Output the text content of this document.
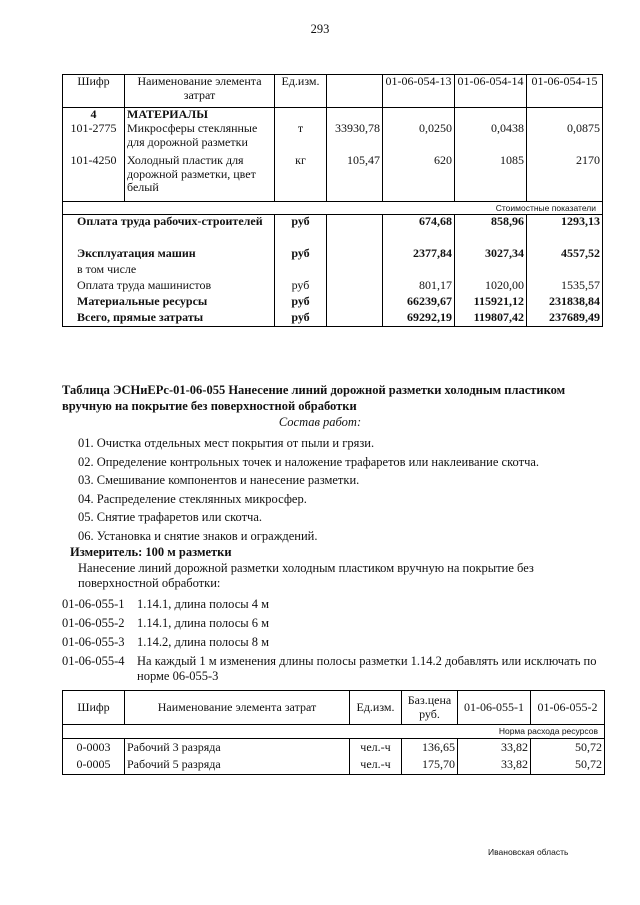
293
Шифр	Наименование элемента затрат	Ед.изм.		01-06-054-13	01-06-054-14	01-06-054-15
4	МАТЕРИАЛЫ					
101-2775	Микросферы стеклянные для дорожной разметки	т	33930,78	0,0250	0,0438	0,0875
101-4250	Холодный пластик для дорожной разметки, цвет белый	кг	105,47	620	1085	2170
Стоимостные показатели						
Оплата труда рабочих-строителей		руб		674,68	858,96	1293,13
Эксплуатация машин		руб		2377,84	3027,34	4557,52
в том числе						
Оплата труда машинистов		руб		801,17	1020,00	1535,57
Материальные ресурсы		руб		66239,67	115921,12	231838,84
Всего, прямые затраты		руб		69292,19	119807,42	237689,49
Таблица ЭСНиЕРс-01-06-055 Нанесение линий дорожной разметки холодным пластиком вручную на покрытие без поверхностной обработки
Состав работ:
01. Очистка отдельных мест покрытия от пыли и грязи.
02. Определение контрольных точек и наложение трафаретов или наклеивание скотча.
03. Смешивание компонентов и нанесение разметки.
04. Распределение стеклянных микросфер.
05. Снятие трафаретов или скотча.
06. Установка и снятие знаков и ограждений.
Измеритель: 100 м разметки
Нанесение линий дорожной разметки холодным пластиком вручную на покрытие без поверхностной обработки:
01-06-055-1	1.14.1, длина полосы 4 м
01-06-055-2	1.14.1, длина полосы 6 м
01-06-055-3	1.14.2, длина полосы 8 м
01-06-055-4	На каждый 1 м изменения длины полосы разметки 1.14.2 добавлять или исключать по норме 06-055-3
Шифр	Наименование элемента затрат	Ед.изм.	Баз.цена руб.	01-06-055-1	01-06-055-2
Норма расхода ресурсов					
0-0003	Рабочий 3 разряда	чел.-ч	136,65	33,82	50,72
0-0005	Рабочий 5 разряда	чел.-ч	175,70	33,82	50,72
Ивановская область
